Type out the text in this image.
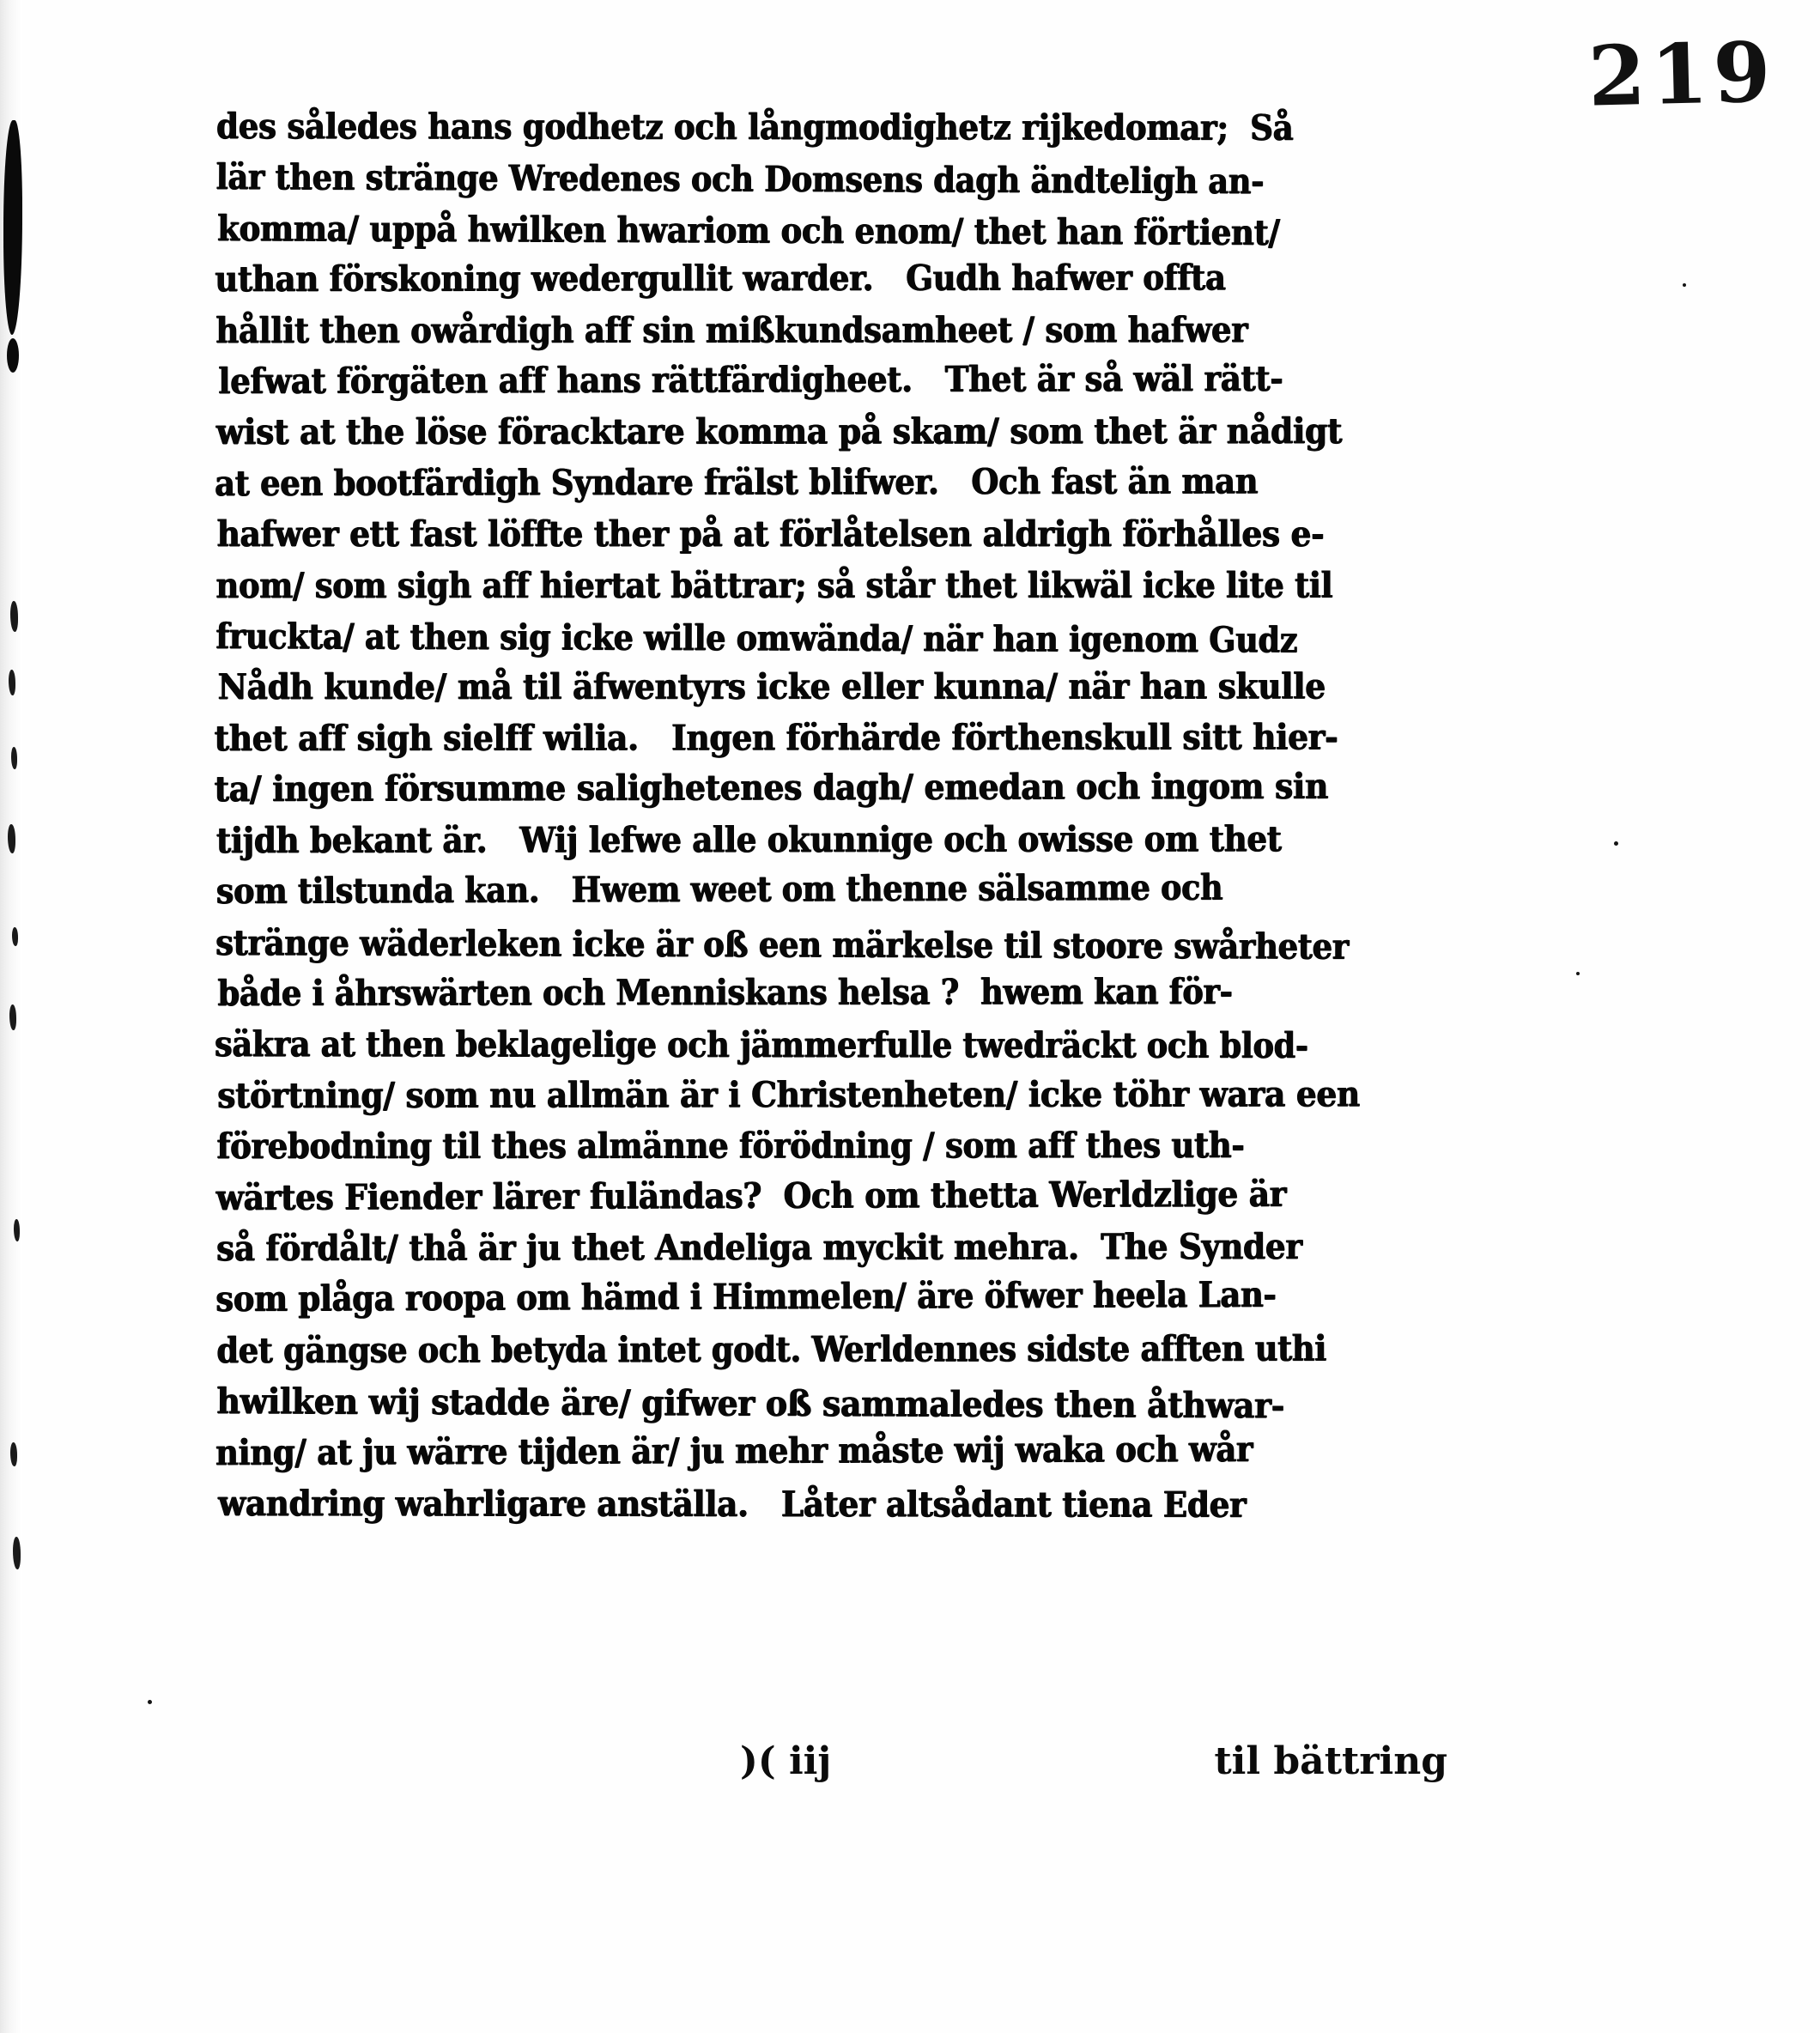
219
des således hans godhetz och långmodighetz rijkedomar;  Så
lär then stränge Wredenes och Domsens dagh ändteligh an-
komma/ uppå hwilken hwariom och enom/ thet han förtient/
uthan förskoning wedergullit warder.   Gudh hafwer offta
hållit then owårdigh aff sin mißkundsamheet / som hafwer
lefwat förgäten aff hans rättfärdigheet.   Thet är så wäl rätt-
wist at the löse föracktare komma på skam/ som thet är nådigt
at een bootfärdigh Syndare frälst blifwer.   Och fast än man
hafwer ett fast löffte ther på at förlåtelsen aldrigh förhålles e-
nom/ som sigh aff hiertat bättrar; så står thet likwäl icke lite til
fruckta/ at then sig icke wille omwända/ när han igenom Gudz
Nådh kunde/ må til äfwentyrs icke eller kunna/ när han skulle
thet aff sigh sielff wilia.   Ingen förhärde förthenskull sitt hier-
ta/ ingen försumme salighetenes dagh/ emedan och ingom sin
tijdh bekant är.   Wij lefwe alle okunnige och owisse om thet
som tilstunda kan.   Hwem weet om thenne sälsamme och
stränge wäderleken icke är oß een märkelse til stoore swårheter
både i åhrswärten och Menniskans helsa ?  hwem kan för-
säkra at then beklagelige och jämmerfulle twedräckt och blod-
störtning/ som nu allmän är i Christenheten/ icke töhr wara een
förebodning til thes almänne förödning / som aff thes uth-
wärtes Fiender lärer fuländas?  Och om thetta Werldzlige är
så fördålt/ thå är ju thet Andeliga myckit mehra.  The Synder
som plåga roopa om hämd i Himmelen/ äre öfwer heela Lan-
det gängse och betyda intet godt. Werldennes sidste afften uthi
hwilken wij stadde äre/ gifwer oß sammaledes then åthwar-
ning/ at ju wärre tijden är/ ju mehr måste wij waka och wår
wandring wahrligare anställa.   Låter altsådant tiena Eder
)( iij	til bättring
